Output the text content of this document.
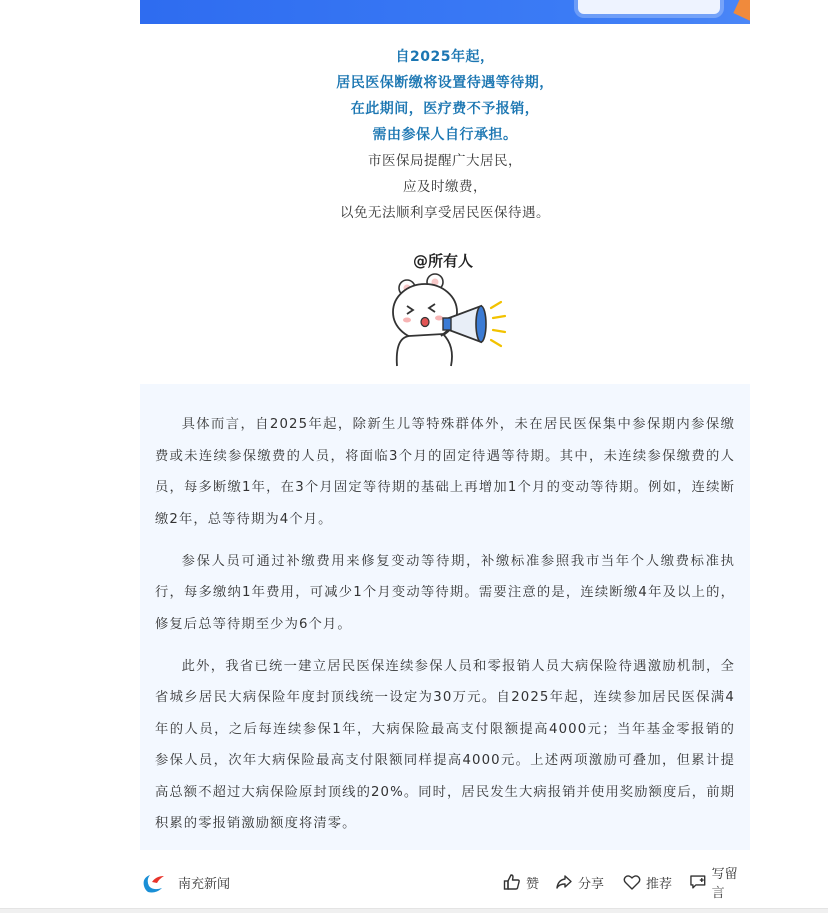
自2025年起，
居民医保断缴将设置待遇等待期，
在此期间，医疗费不予报销，
需由参保人自行承担。
市医保局提醒广大居民，
应及时缴费，
以免无法顺利享受居民医保待遇。
@所有人

具体而言，自2025年起，除新生儿等特殊群体外，未在居民医保集中参保期内参保缴费或未连续参保缴费的人员，将面临3个月的固定待遇等待期。其中，未连续参保缴费的人员，每多断缴1年，在3个月固定等待期的基础上再增加1个月的变动等待期。例如，连续断缴2年，总等待期为4个月。

参保人员可通过补缴费用来修复变动等待期，补缴标准参照我市当年个人缴费标准执行，每多缴纳1年费用，可减少1个月变动等待期。需要注意的是，连续断缴4年及以上的，修复后总等待期至少为6个月。

此外，我省已统一建立居民医保连续参保人员和零报销人员大病保险待遇激励机制，全省城乡居民大病保险年度封顶线统一设定为30万元。自2025年起，连续参加居民医保满4年的人员，之后每连续参保1年，大病保险最高支付限额提高4000元；当年基金零报销的参保人员，次年大病保险最高支付限额同样提高4000元。上述两项激励可叠加，但累计提高总额不超过大病保险原封顶线的20%。同时，居民发生大病报销并使用奖励额度后，前期积累的零报销激励额度将清零。

南充新闻	赞	分享	推荐
写留言
